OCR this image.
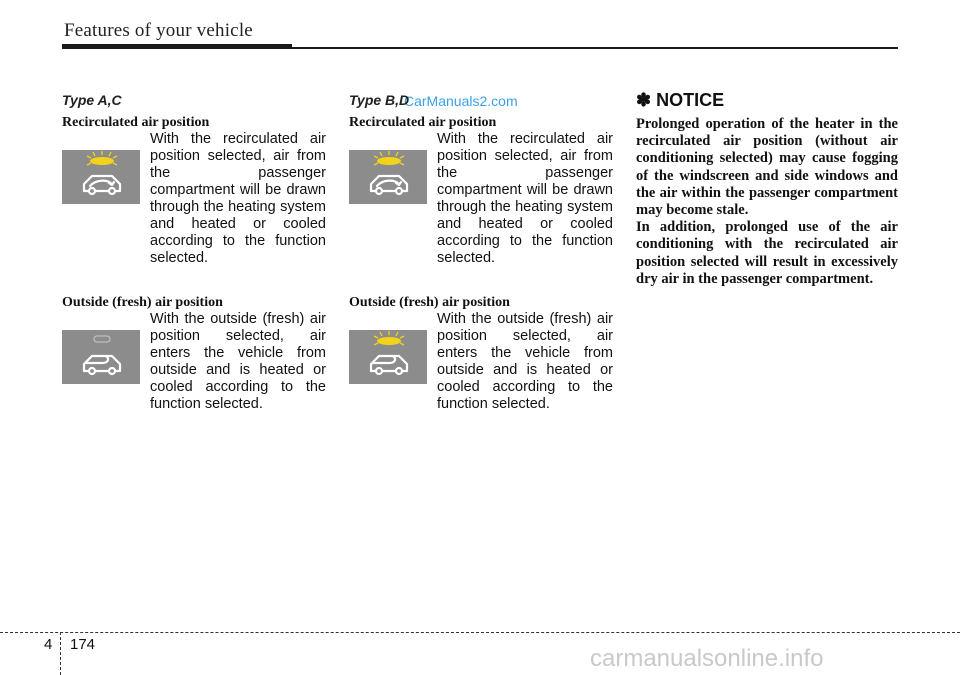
Features of your vehicle

Type A,C

Recirculated air position

With the recirculated air position selected, air from the passenger compartment will be drawn through the heating system and heated or cooled according to the function selected.

Outside (fresh) air position

With the outside (fresh) air position selected, air enters the vehicle from outside and is heated or cooled according to the function selected.
CarManuals2.com

Type B,D

Recirculated air position

With the recirculated air position selected, air from the passenger compartment will be drawn through the heating system and heated or cooled according to the function selected.

Outside (fresh) air position

With the outside (fresh) air position selected, air enters the vehicle from outside and is heated or cooled according to the function selected.

✽ NOTICE

Prolonged operation of the heater in the recirculated air position (without air conditioning selected) may cause fogging of the windscreen and side windows and the air within the passenger compartment may become stale.

In addition, prolonged use of the air conditioning with the recirculated air position selected will result in excessively dry air in the passenger compartment.

4 174
carmanualsonline.info
